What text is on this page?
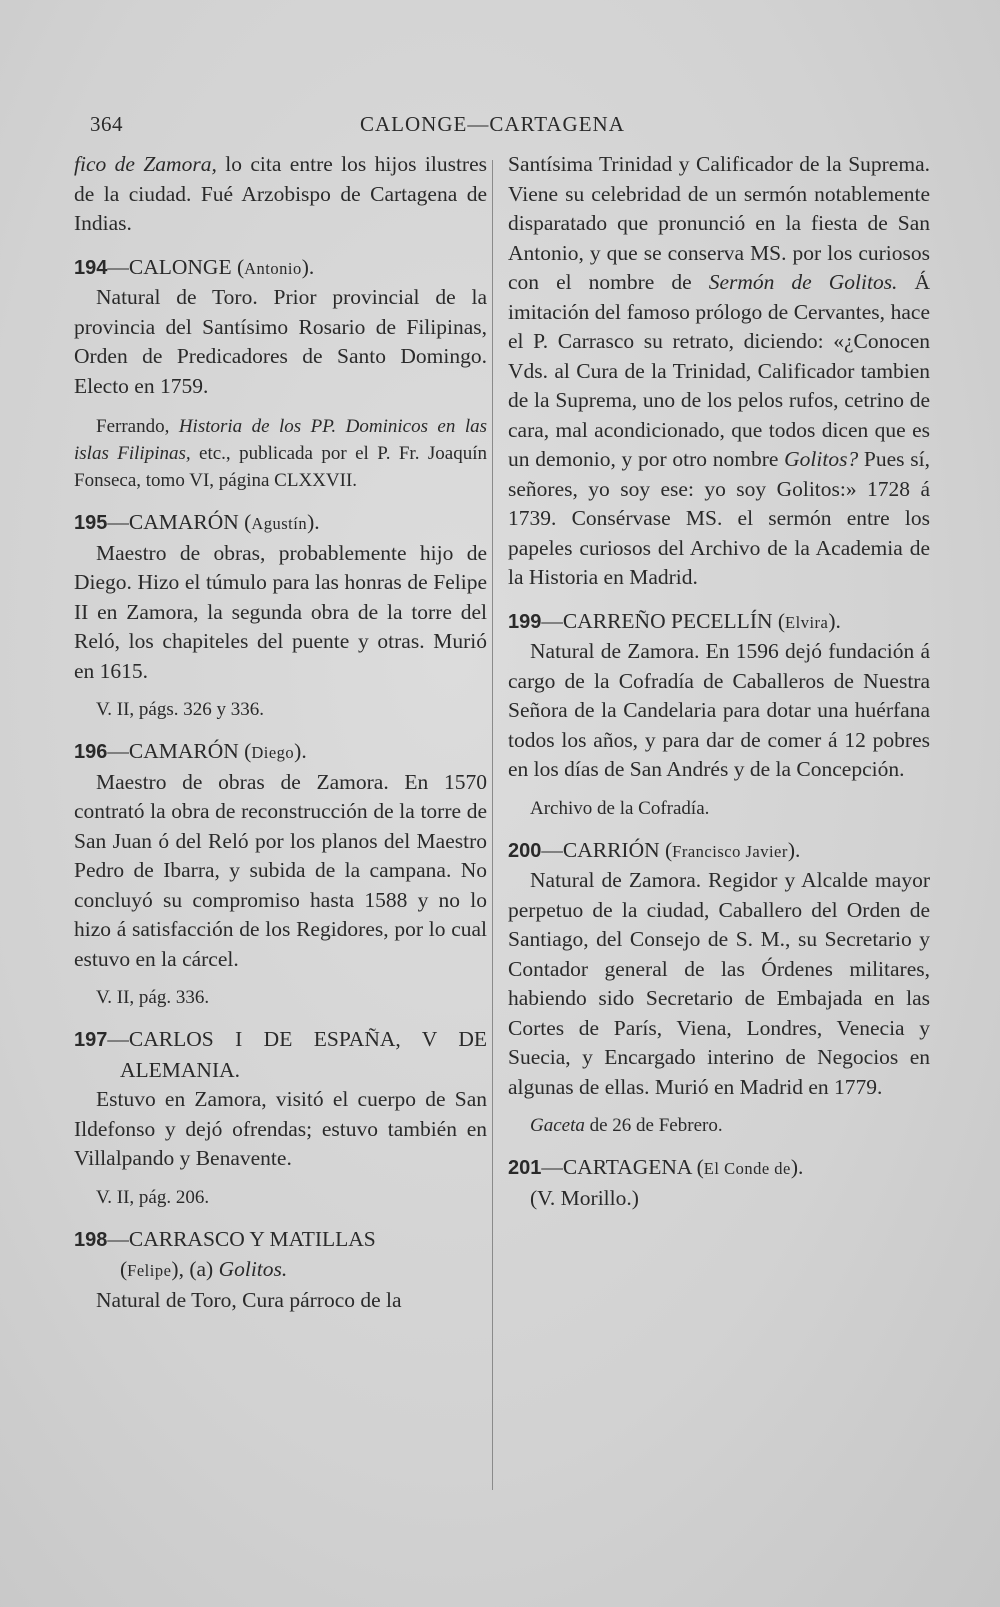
364	CALONGE—CARTAGENA

fico de Zamora, lo cita entre los hijos ilustres de la ciudad. Fué Arzobispo de Cartagena de Indias.

194—CALONGE (Antonio).

Natural de Toro. Prior provincial de la provincia del Santísimo Rosario de Filipinas, Orden de Predicadores de Santo Domingo. Electo en 1759.

Ferrando, Historia de los PP. Dominicos en las islas Filipinas, etc., publicada por el P. Fr. Joaquín Fonseca, tomo VI, página CLXXVII.

195—CAMARÓN (Agustín).

Maestro de obras, probablemente hijo de Diego. Hizo el túmulo para las honras de Felipe II en Zamora, la segunda obra de la torre del Reló, los chapiteles del puente y otras. Murió en 1615.

V. II, págs. 326 y 336.

196—CAMARÓN (Diego).

Maestro de obras de Zamora. En 1570 contrató la obra de reconstrucción de la torre de San Juan ó del Reló por los planos del Maestro Pedro de Ibarra, y subida de la campana. No concluyó su compromiso hasta 1588 y no lo hizo á satisfacción de los Regidores, por lo cual estuvo en la cárcel.

V. II, pág. 336.

197—CARLOS I DE ESPAÑA, V DE ALEMANIA.

Estuvo en Zamora, visitó el cuerpo de San Ildefonso y dejó ofrendas; estuvo también en Villalpando y Benavente.

V. II, pág. 206.

198—CARRASCO Y MATILLAS

(Felipe), (a) Golitos.

Natural de Toro, Cura párroco de la

Santísima Trinidad y Calificador de la Suprema. Viene su celebridad de un sermón notablemente disparatado que pronunció en la fiesta de San Antonio, y que se conserva MS. por los curiosos con el nombre de Sermón de Golitos. Á imitación del famoso prólogo de Cervantes, hace el P. Carrasco su retrato, diciendo: «¿Conocen Vds. al Cura de la Trinidad, Calificador tambien de la Suprema, uno de los pelos rufos, cetrino de cara, mal acondicionado, que todos dicen que es un demonio, y por otro nombre Golitos? Pues sí, señores, yo soy ese: yo soy Golitos:» 1728 á 1739. Consérvase MS. el sermón entre los papeles curiosos del Archivo de la Academia de la Historia en Madrid.

199—CARREÑO PECELLÍN (Elvira).

Natural de Zamora. En 1596 dejó fundación á cargo de la Cofradía de Caballeros de Nuestra Señora de la Candelaria para dotar una huérfana todos los años, y para dar de comer á 12 pobres en los días de San Andrés y de la Concepción.

Archivo de la Cofradía.

200—CARRIÓN (Francisco Javier).

Natural de Zamora. Regidor y Alcalde mayor perpetuo de la ciudad, Caballero del Orden de Santiago, del Consejo de S. M., su Secretario y Contador general de las Órdenes militares, habiendo sido Secretario de Embajada en las Cortes de París, Viena, Londres, Venecia y Suecia, y Encargado interino de Negocios en algunas de ellas. Murió en Madrid en 1779.

Gaceta de 26 de Febrero.

201—CARTAGENA (El Conde de).

(V. Morillo.)
